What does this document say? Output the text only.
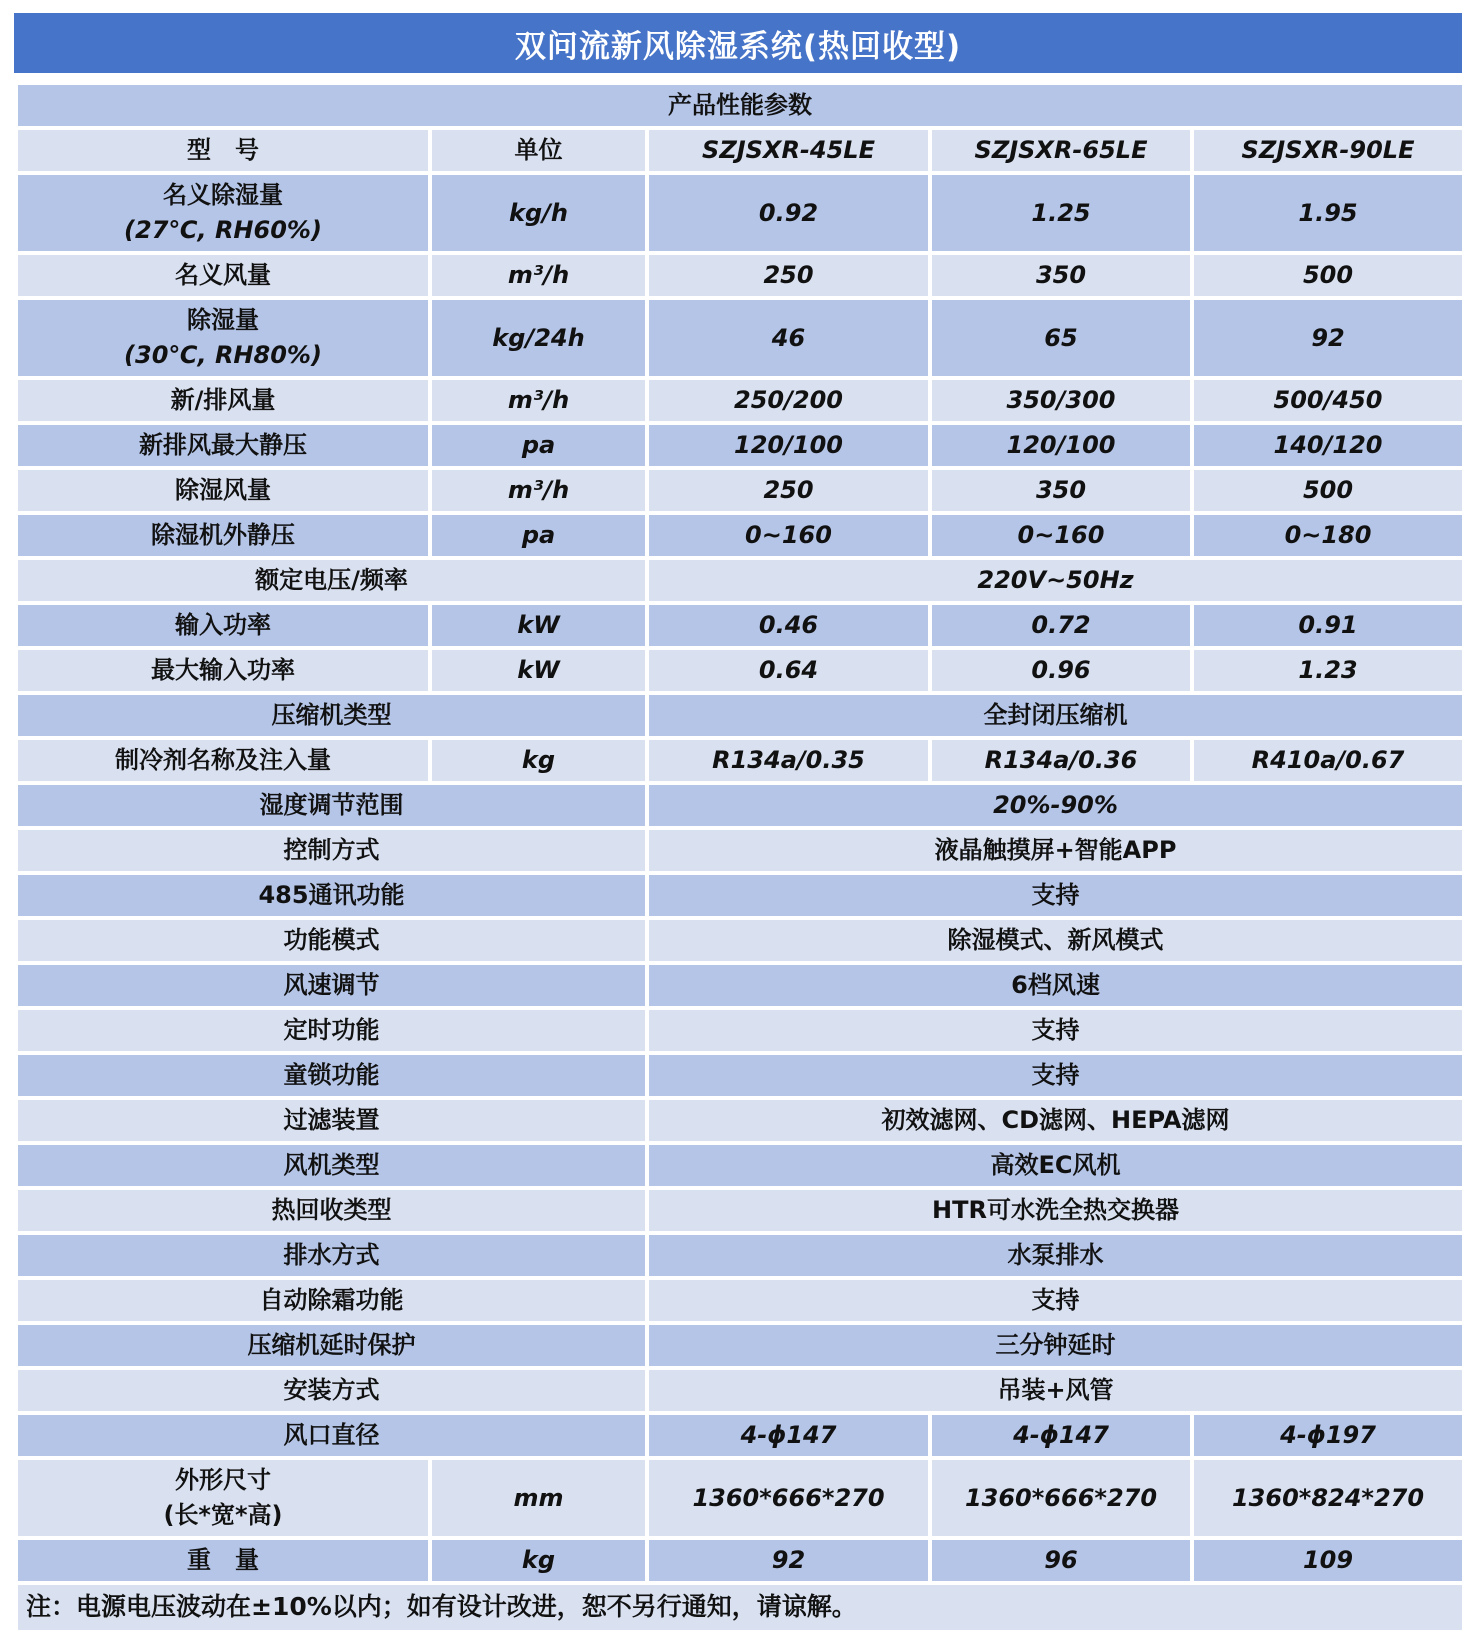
双问流新风除湿系统(热回收型)
产品性能参数				
型　号	单位	SZJSXR-45LE	SZJSXR-65LE	SZJSXR-90LE

名义除湿量
(27℃, RH60%)	kg/h	0.92	1.25	1.95

名义风量	m³/h	250	350	500

除湿量
(30℃, RH80%)	kg/24h	46	65	92

新/排风量	m³/h	250/200	350/300	500/450

新排风最大静压	pa	120/100	120/100	140/120

除湿风量	m³/h	250	350	500

除湿机外静压	pa	0~160	0~160	0~180

额定电压/频率		220V~50Hz		

输入功率	kW	0.46	0.72	0.91

最大输入功率	kW	0.64	0.96	1.23

压缩机类型		全封闭压缩机		

制冷剂名称及注入量	kg	R134a/0.35	R134a/0.36	R410a/0.67

湿度调节范围		20%-90%		

控制方式		液晶触摸屏+智能APP		

485通讯功能		支持		

功能模式		除湿模式、新风模式		

风速调节		6档风速		

定时功能		支持		

童锁功能		支持		

过滤装置		初效滤网、CD滤网、HEPA滤网		

风机类型		高效EC风机		

热回收类型		HTR可水洗全热交换器		

排水方式		水泵排水		

自动除霜功能		支持		

压缩机延时保护		三分钟延时		

安装方式		吊装+风管		

风口直径		4-ϕ147	4-ϕ147	4-ϕ197

外形尺寸
(长*宽*高)	mm	1360*666*270	1360*666*270	1360*824*270

重　量	kg	92	96	109
注：电源电压波动在±10%以内；如有设计改进，恕不另行通知，请谅解。				
